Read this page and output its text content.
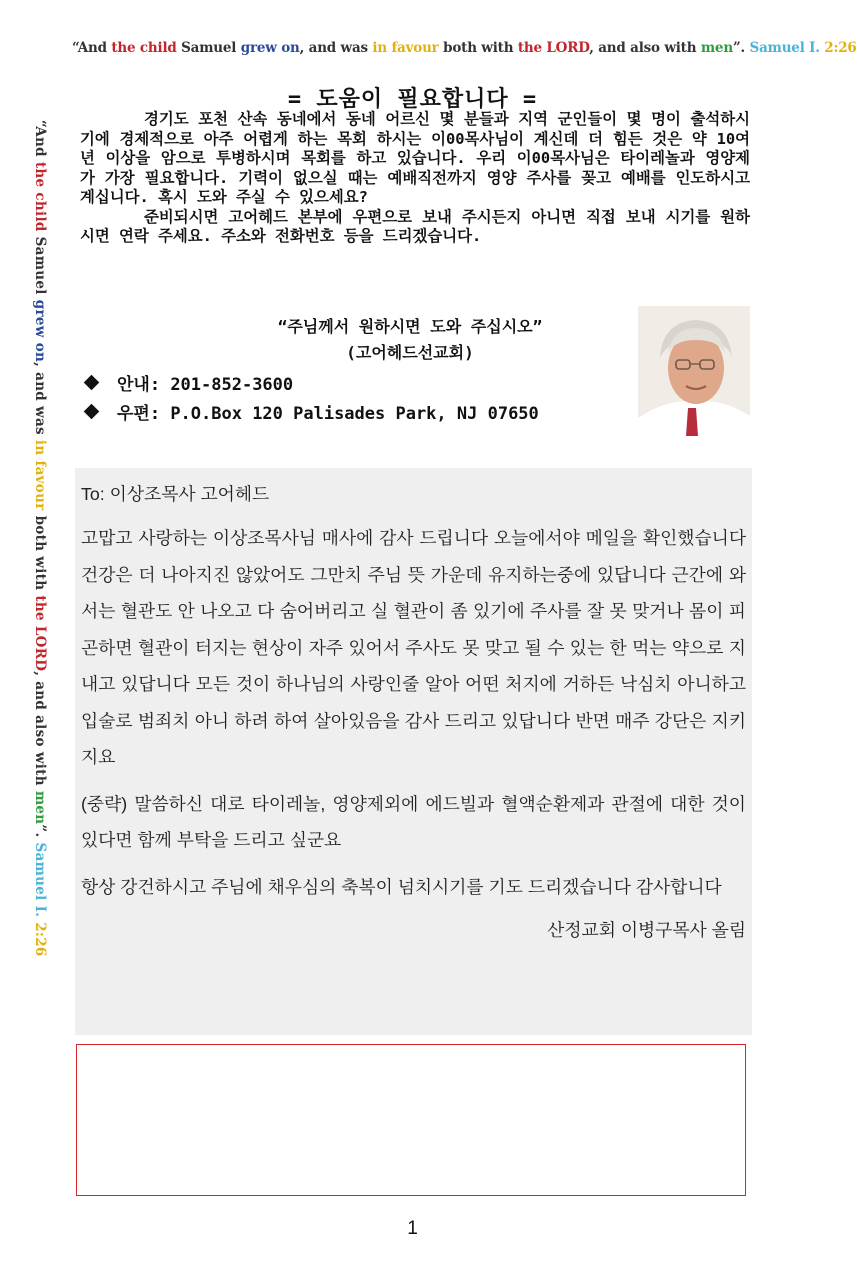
“And the child Samuel grew on, and was in favour both with the LORD, and also with men”. Samuel I. 2:26
“And the child Samuel grew on, and was in favour both with the LORD, and also with men”. Samuel I. 2:26
= 도움이 필요합니다 =

경기도 포천 산속 동네에서 동네 어르신 몇 분들과 지역 군인들이 몇 명이 출석하시기에 경제적으로 아주 어렵게 하는 목회 하시는 이00목사님이 계신데 더 힘든 것은 약 10여 년 이상을 암으로 투병하시며 목회를 하고 있습니다. 우리 이00목사님은 타이레놀과 영양제가 가장 필요합니다. 기력이 없으실 때는 예배직전까지 영양 주사를 꽂고 예배를 인도하시고 계십니다. 혹시 도와 주실 수 있으세요?

준비되시면 고어헤드 본부에 우편으로 보내 주시든지 아니면 직접 보내 시기를 원하시면 연락 주세요. 주소와 전화번호 등을 드리겠습니다.

“주님께서 원하시면 도와 주십시오”
(고어헤드선교회)
안내: 201-852-3600
우편: P.O.Box 120 Palisades Park, NJ 07650
To: 이상조목사 고어헤드
고맙고 사랑하는 이상조목사님 매사에 감사 드립니다 오늘에서야 메일을 확인했습니다 건강은 더 나아지진 않았어도 그만치 주님 뜻 가운데 유지하는중에 있답니다 근간에 와서는 혈관도 안 나오고 다 숨어버리고 실 혈관이 좀 있기에 주사를 잘 못 맞거나 몸이 피곤하면 혈관이 터지는 현상이 자주 있어서 주사도 못 맞고 될 수 있는 한 먹는 약으로 지내고 있답니다 모든 것이 하나님의 사랑인줄 알아 어떤 처지에 거하든 낙심치 아니하고 입술로 범죄치 아니 하려 하여 살아있음을 감사 드리고 있답니다 반면 매주 강단은 지키지요
(중략) 말씀하신 대로 타이레놀, 영양제외에 에드빌과 혈액순환제과 관절에 대한 것이 있다면 함께 부탁을 드리고 싶군요
항상 강건하시고 주님에 채우심의 축복이 넘치시기를 기도 드리겠습니다 감사합니다
산정교회 이병구목사 올림
1
